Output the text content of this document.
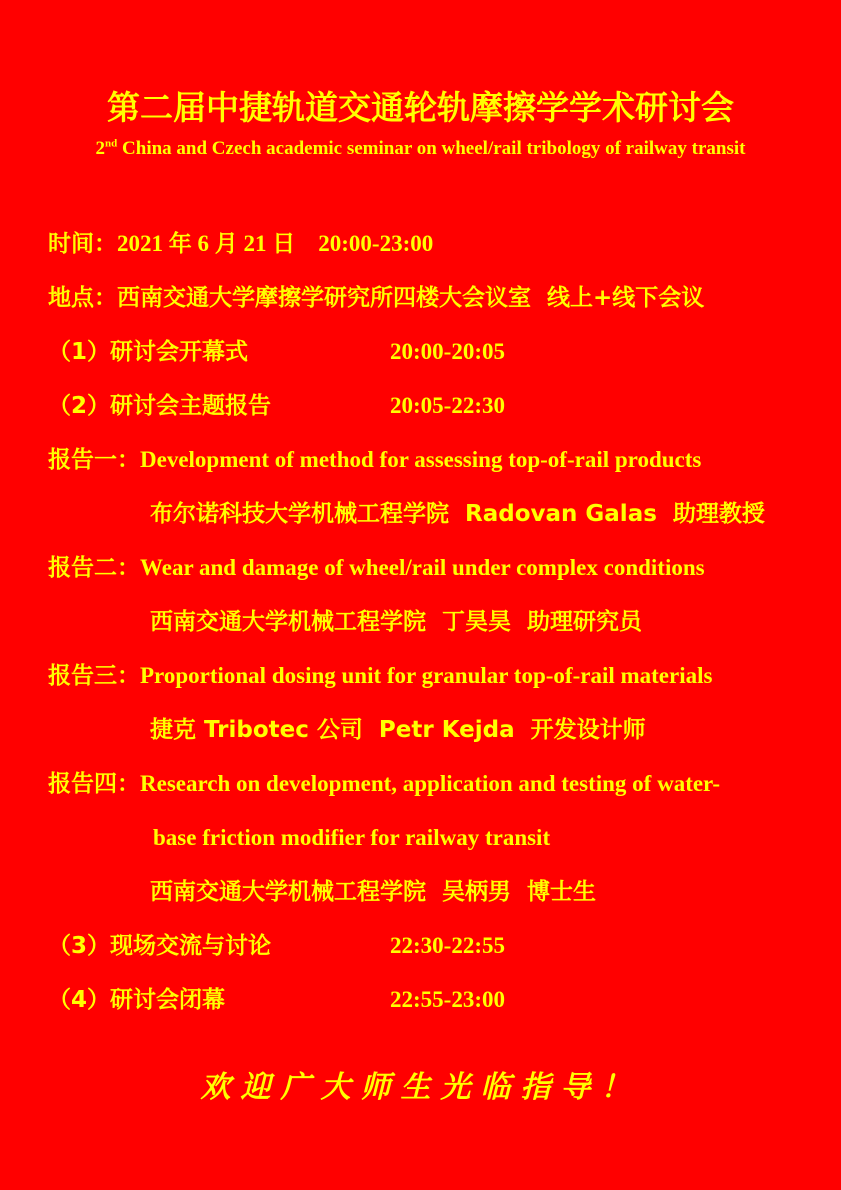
第二届中捷轨道交通轮轨摩擦学学术研讨会
2nd China and Czech academic seminar on wheel/rail tribology of railway transit
时间：2021 年 6 月 21 日    20:00-23:00
地点：西南交通大学摩擦学研究所四楼大会议室  线上+线下会议
（1）研讨会开幕式	20:00-20:05
（2）研讨会主题报告	20:05-22:30
报告一：Development of method for assessing top-of-rail products
布尔诺科技大学机械工程学院  Radovan Galas  助理教授
报告二：Wear and damage of wheel/rail under complex conditions
西南交通大学机械工程学院  丁昊昊  助理研究员
报告三：Proportional dosing unit for granular top-of-rail materials
捷克 Tribotec 公司  Petr Kejda  开发设计师
报告四：Research on development, application and testing of water-
base friction modifier for railway transit
西南交通大学机械工程学院  吴柄男  博士生
（3）现场交流与讨论	22:30-22:55
（4）研讨会闭幕	22:55-23:00
欢迎广大师生光临指导！
